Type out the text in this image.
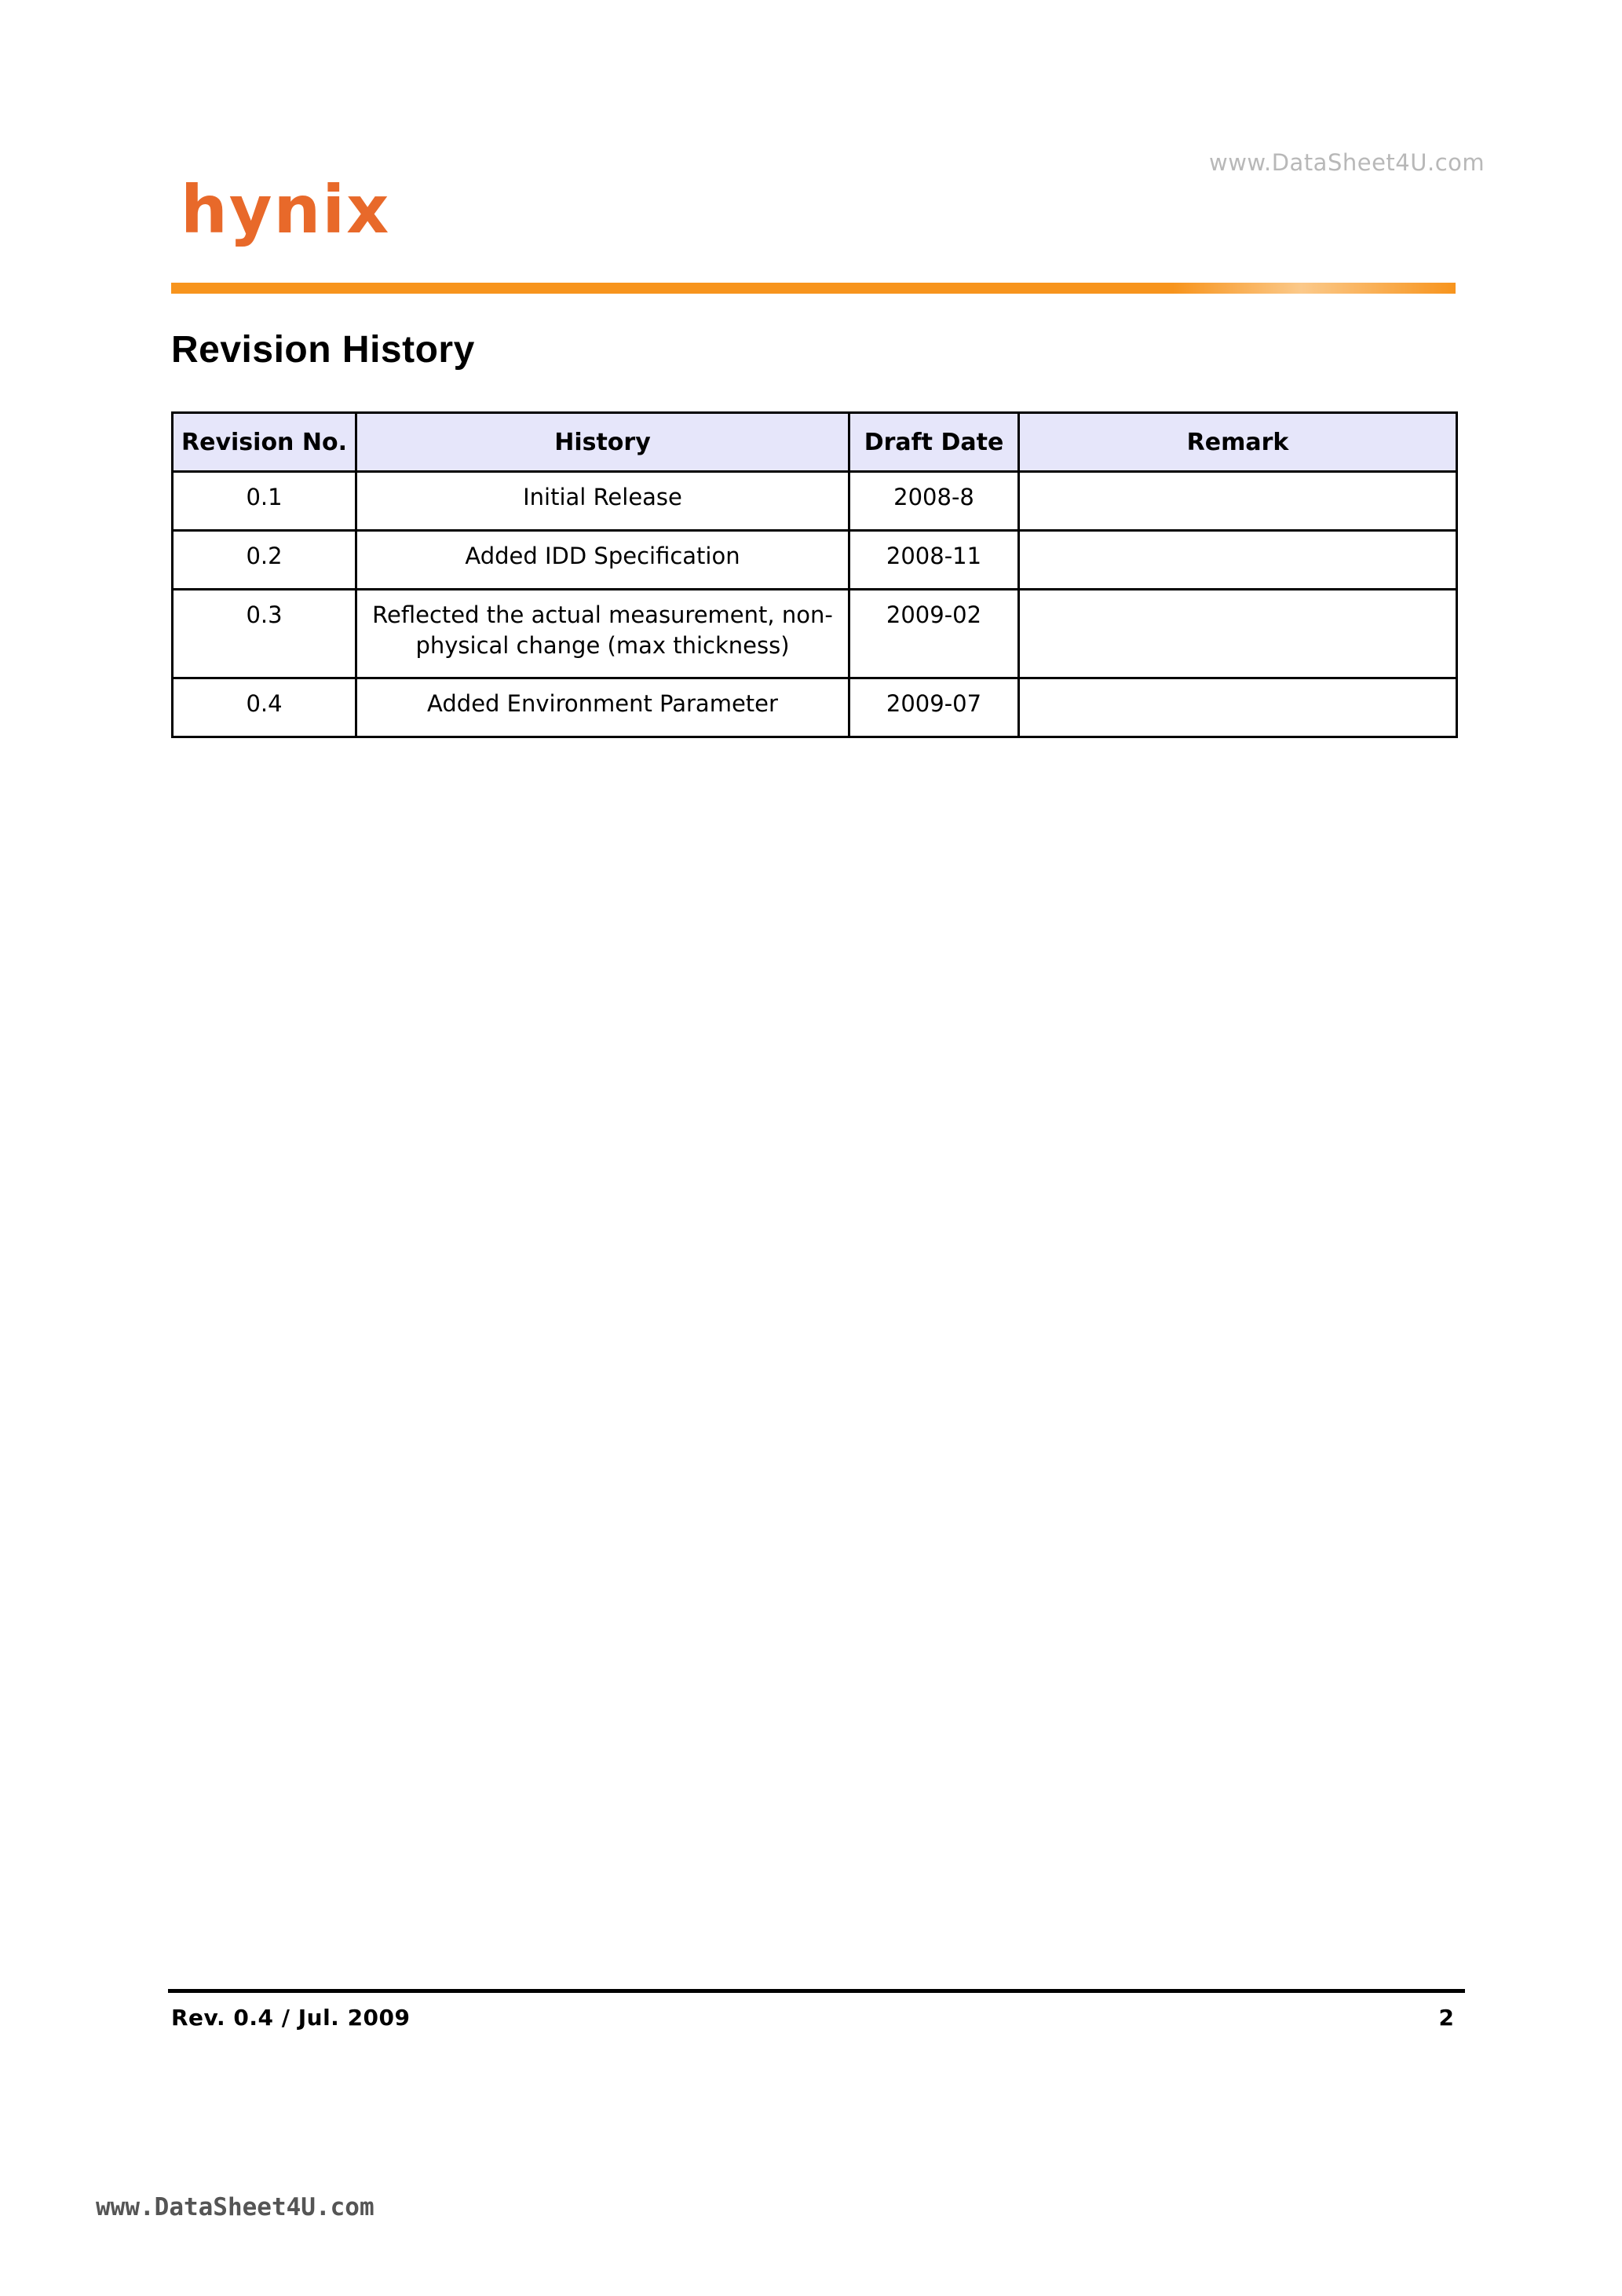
www.DataSheet4U.com
hynix
Revision History
Revision No.	History	Draft Date	Remark
0.1	Initial Release	2008-8	
0.2	Added IDD Specification	2008-11	
0.3	Reflected the actual measurement, non-
physical change (max thickness)	2009-02	
0.4	Added Environment Parameter	2009-07	
Rev. 0.4 / Jul. 2009	2
www.DataSheet4U.com
